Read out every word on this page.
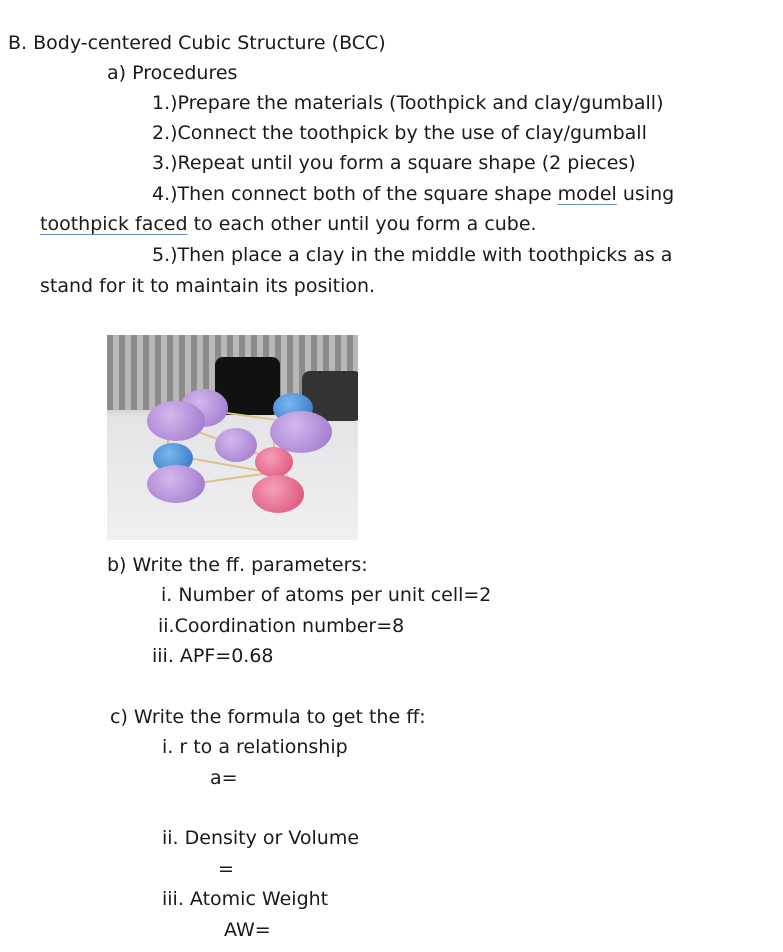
B. Body-centered Cubic Structure (BCC)
a) Procedures
1.)Prepare the materials (Toothpick and clay/gumball)
2.)Connect the toothpick by the use of clay/gumball
3.)Repeat until you form a square shape (2 pieces)
4.)Then connect both of the square shape model using
toothpick faced to each other until you form a cube.
5.)Then place a clay in the middle with toothpicks as a
stand for it to maintain its position.
b) Write the ff. parameters:
i. Number of atoms per unit cell=2
ii.Coordination number=8
iii. APF=0.68
c) Write the formula to get the ff:
i. r to a relationship
a=
ii. Density or Volume
=
iii. Atomic Weight
AW=
